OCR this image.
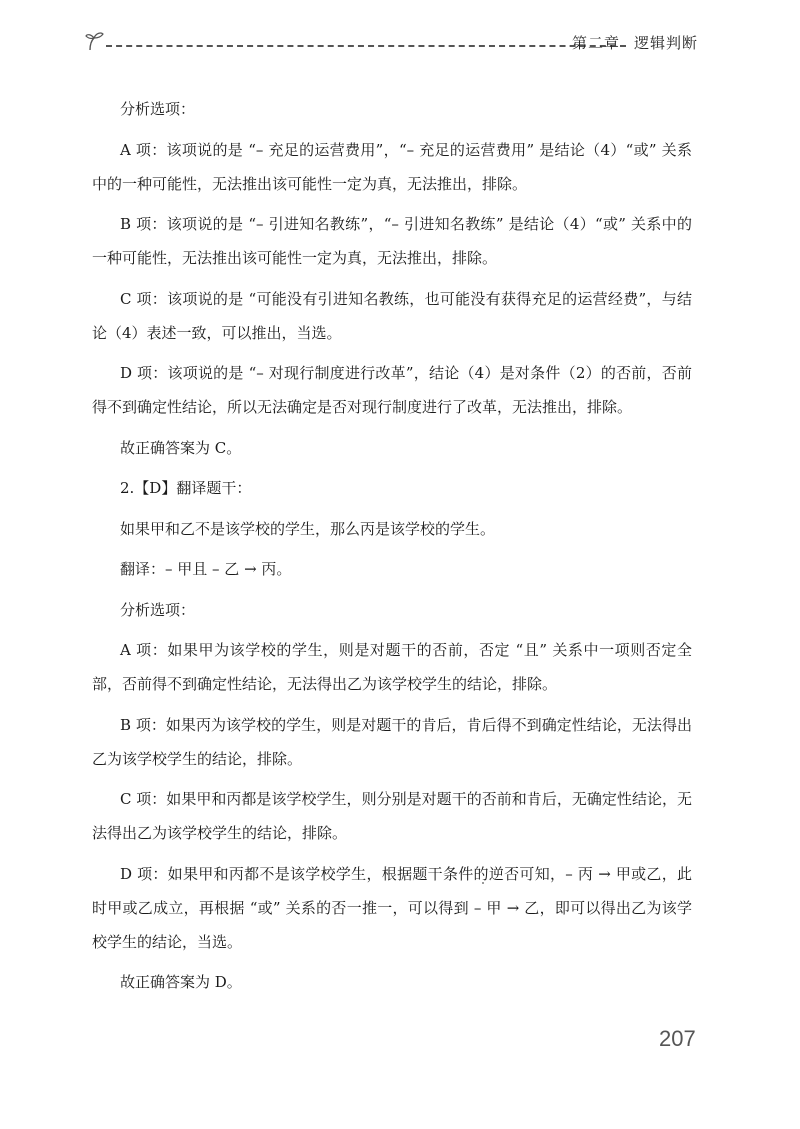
第二章 逻辑判断

分析选项：

A 项：该项说的是 “– 充足的运营费用”，“– 充足的运营费用” 是结论（4）“或” 关系中的一种可能性，无法推出该可能性一定为真，无法推出，排除。

B 项：该项说的是 “– 引进知名教练”，“– 引进知名教练” 是结论（4）“或” 关系中的一种可能性，无法推出该可能性一定为真，无法推出，排除。

C 项：该项说的是 “可能没有引进知名教练，也可能没有获得充足的运营经费”，与结论（4）表述一致，可以推出，当选。

D 项：该项说的是 “– 对现行制度进行改革”，结论（4）是对条件（2）的否前，否前得不到确定性结论，所以无法确定是否对现行制度进行了改革，无法推出，排除。

故正确答案为 C。

2.【D】翻译题干：

如果甲和乙不是该学校的学生，那么丙是该学校的学生。

翻译：– 甲且 – 乙 → 丙。

分析选项：

A 项：如果甲为该学校的学生，则是对题干的否前，否定 “且” 关系中一项则否定全部，否前得不到确定性结论，无法得出乙为该学校学生的结论，排除。

B 项：如果丙为该学校的学生，则是对题干的肯后，肯后得不到确定性结论，无法得出乙为该学校学生的结论，排除。

C 项：如果甲和丙都是该学校学生，则分别是对题干的否前和肯后，无确定性结论，无法得出乙为该学校学生的结论，排除。

D 项：如果甲和丙都不是该学校学生，根据题干条件的逆否可知，– 丙 → 甲或乙，此时甲或乙成立，再根据 “或” 关系的否一推一，可以得到 – 甲 → 乙，即可以得出乙为该学校学生的结论，当选。

故正确答案为 D。

207
